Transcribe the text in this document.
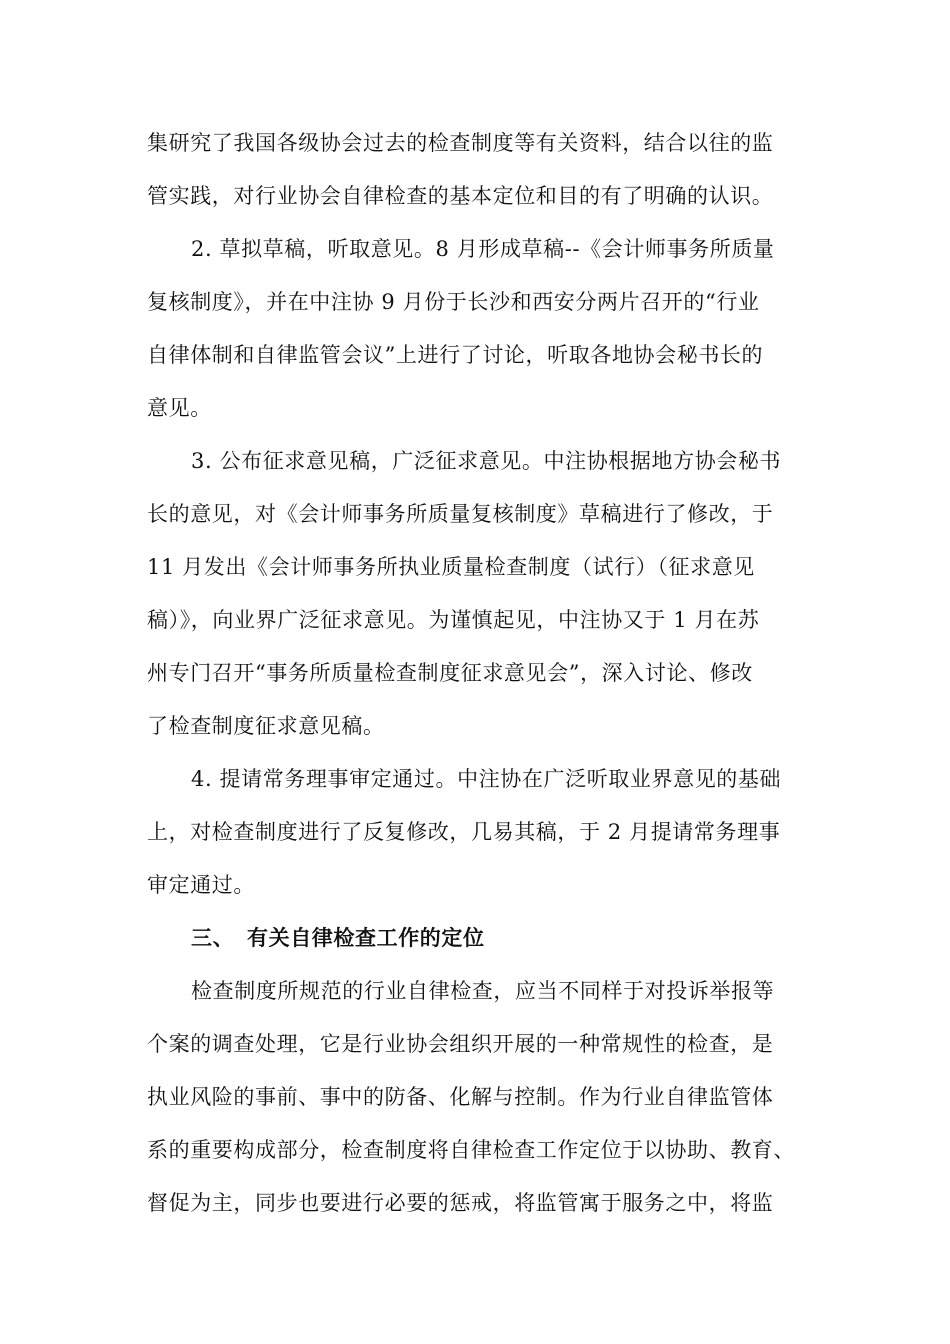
集研究了我国各级协会过去的检查制度等有关资料，结合以往的监
管实践，对行业协会自律检查的基本定位和目的有了明确的认识。
2. 草拟草稿，听取意见。8 月形成草稿--《会计师事务所质量
复核制度》，并在中注协 9 月份于长沙和西安分两片召开的“行业
自律体制和自律监管会议”上进行了讨论，听取各地协会秘书长的
意见。
3. 公布征求意见稿，广泛征求意见。中注协根据地方协会秘书
长的意见，对《会计师事务所质量复核制度》草稿进行了修改，于
11 月发出《会计师事务所执业质量检查制度（试行）（征求意见
稿）》，向业界广泛征求意见。为谨慎起见，中注协又于 1 月在苏
州专门召开“事务所质量检查制度征求意见会”，深入讨论、修改
了检查制度征求意见稿。
4. 提请常务理事审定通过。中注协在广泛听取业界意见的基础
上，对检查制度进行了反复修改，几易其稿，于 2 月提请常务理事
审定通过。
三、 有关自律检查工作的定位
检查制度所规范的行业自律检查，应当不同样于对投诉举报等
个案的调查处理，它是行业协会组织开展的一种常规性的检查，是
执业风险的事前、事中的防备、化解与控制。作为行业自律监管体
系的重要构成部分，检查制度将自律检查工作定位于以协助、教育、
督促为主，同步也要进行必要的惩戒，将监管寓于服务之中，将监
